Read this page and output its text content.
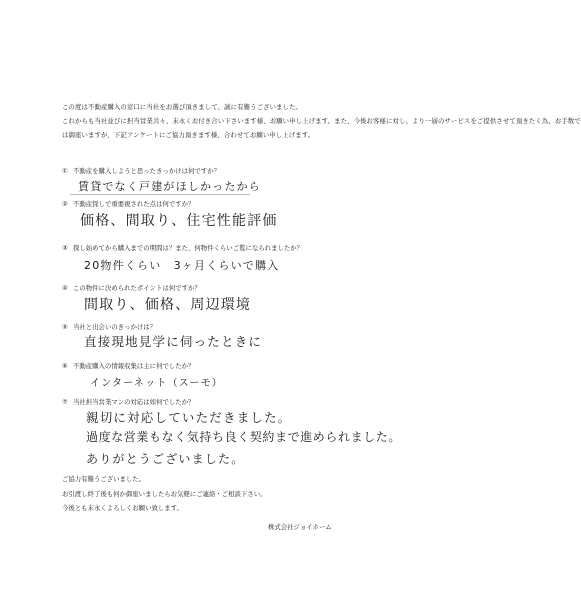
この度は不動産購入の窓口に当社をお選び頂きまして、誠に有難うございました。
これからも当社並びに担当営業共々、末永くお付き合い下さいます様、お願い申し上げます。また、今後お客様に対し、より一層のサービスをご提供させて頂きたく為、お手数で
は御座いますが、下記アンケートにご協力頂きます様、合わせてお願い申し上げます。
① 不動産を購入しようと思ったきっかけは何ですか？
賃貸でなく戸建がほしかったから
② 不動産探しで重要視された点は何ですか？
価格、間取り、住宅性能評価
③ 探し始めてから購入までの期間は？また、何物件くらいご覧になられましたか？
20物件くらい　3ヶ月くらいで購入
④ この物件に決められたポイントは何ですか？
間取り、価格、周辺環境
⑤ 当社と出会いのきっかけは？
直接現地見学に伺ったときに
⑥ 不動産購入の情報収集は主に何でしたか？
インターネット（スーモ）
⑦ 当社担当営業マンの対応は如何でしたか？
親切に対応していただきました。
過度な営業もなく気持ち良く契約まで進められました。
ありがとうございました。
ご協力有難うございました。
お引渡し終了後も何か御座いましたらお気軽にご連絡・ご相談下さい。
今後とも末永くよろしくお願い致します。
株式会社ジョイホーム
